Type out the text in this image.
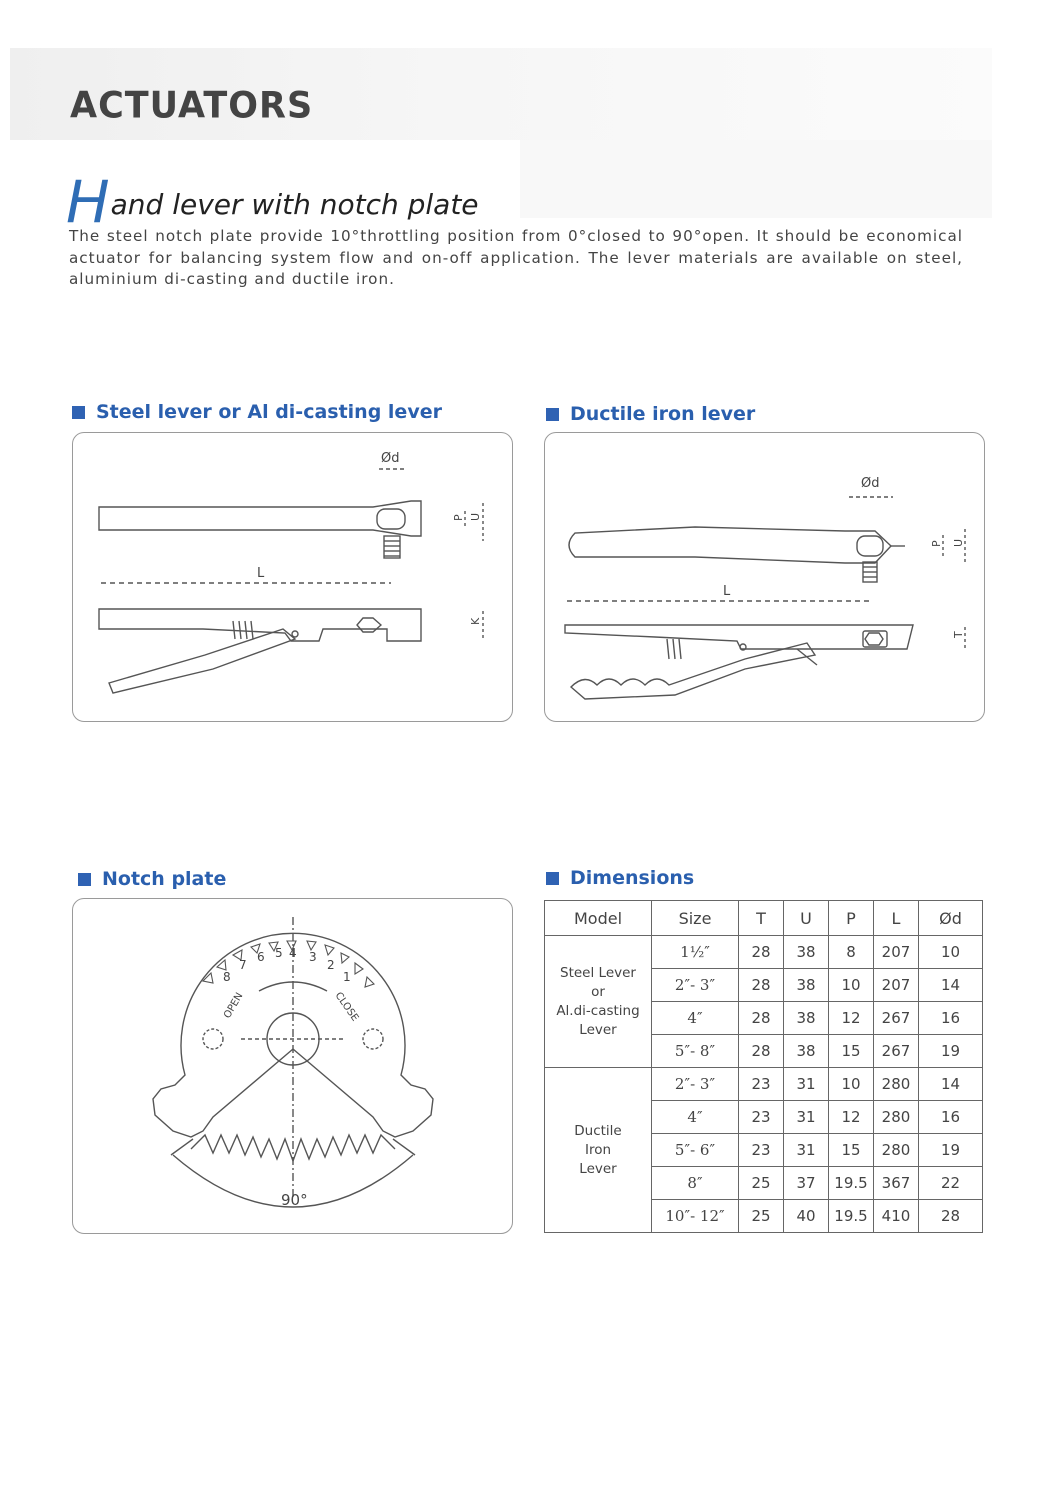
ACTUATORS
Hand lever with notch plate
The steel notch plate provide 10°throttling position from 0°closed to 90°open. It should be economical actuator for balancing system flow and on-off application. The lever materials are available on steel, aluminium di-casting and ductile iron.
Steel lever or Al di-casting lever	Ductile iron lever
Notch plate	Dimensions
Ød
P U
L
K
Ød
P U
L
T
90°
8
7
6 5 4 3
2
1
OPEN	CLOSE
Model	Size	T	U	P	L	Ød

Steel Lever
or
Al.di-casting
Lever	1½″	28	38	8	207	10
	2″- 3″	28	38	10	207	14
	4″	28	38	12	267	16
	5″- 8″	28	38	15	267	19

Ductile
Iron
Lever	2″- 3″	23	31	10	280	14
	4″	23	31	12	280	16
	5″- 6″	23	31	15	280	19
	8″	25	37	19.5	367	22
	10″- 12″	25	40	19.5	410	28
